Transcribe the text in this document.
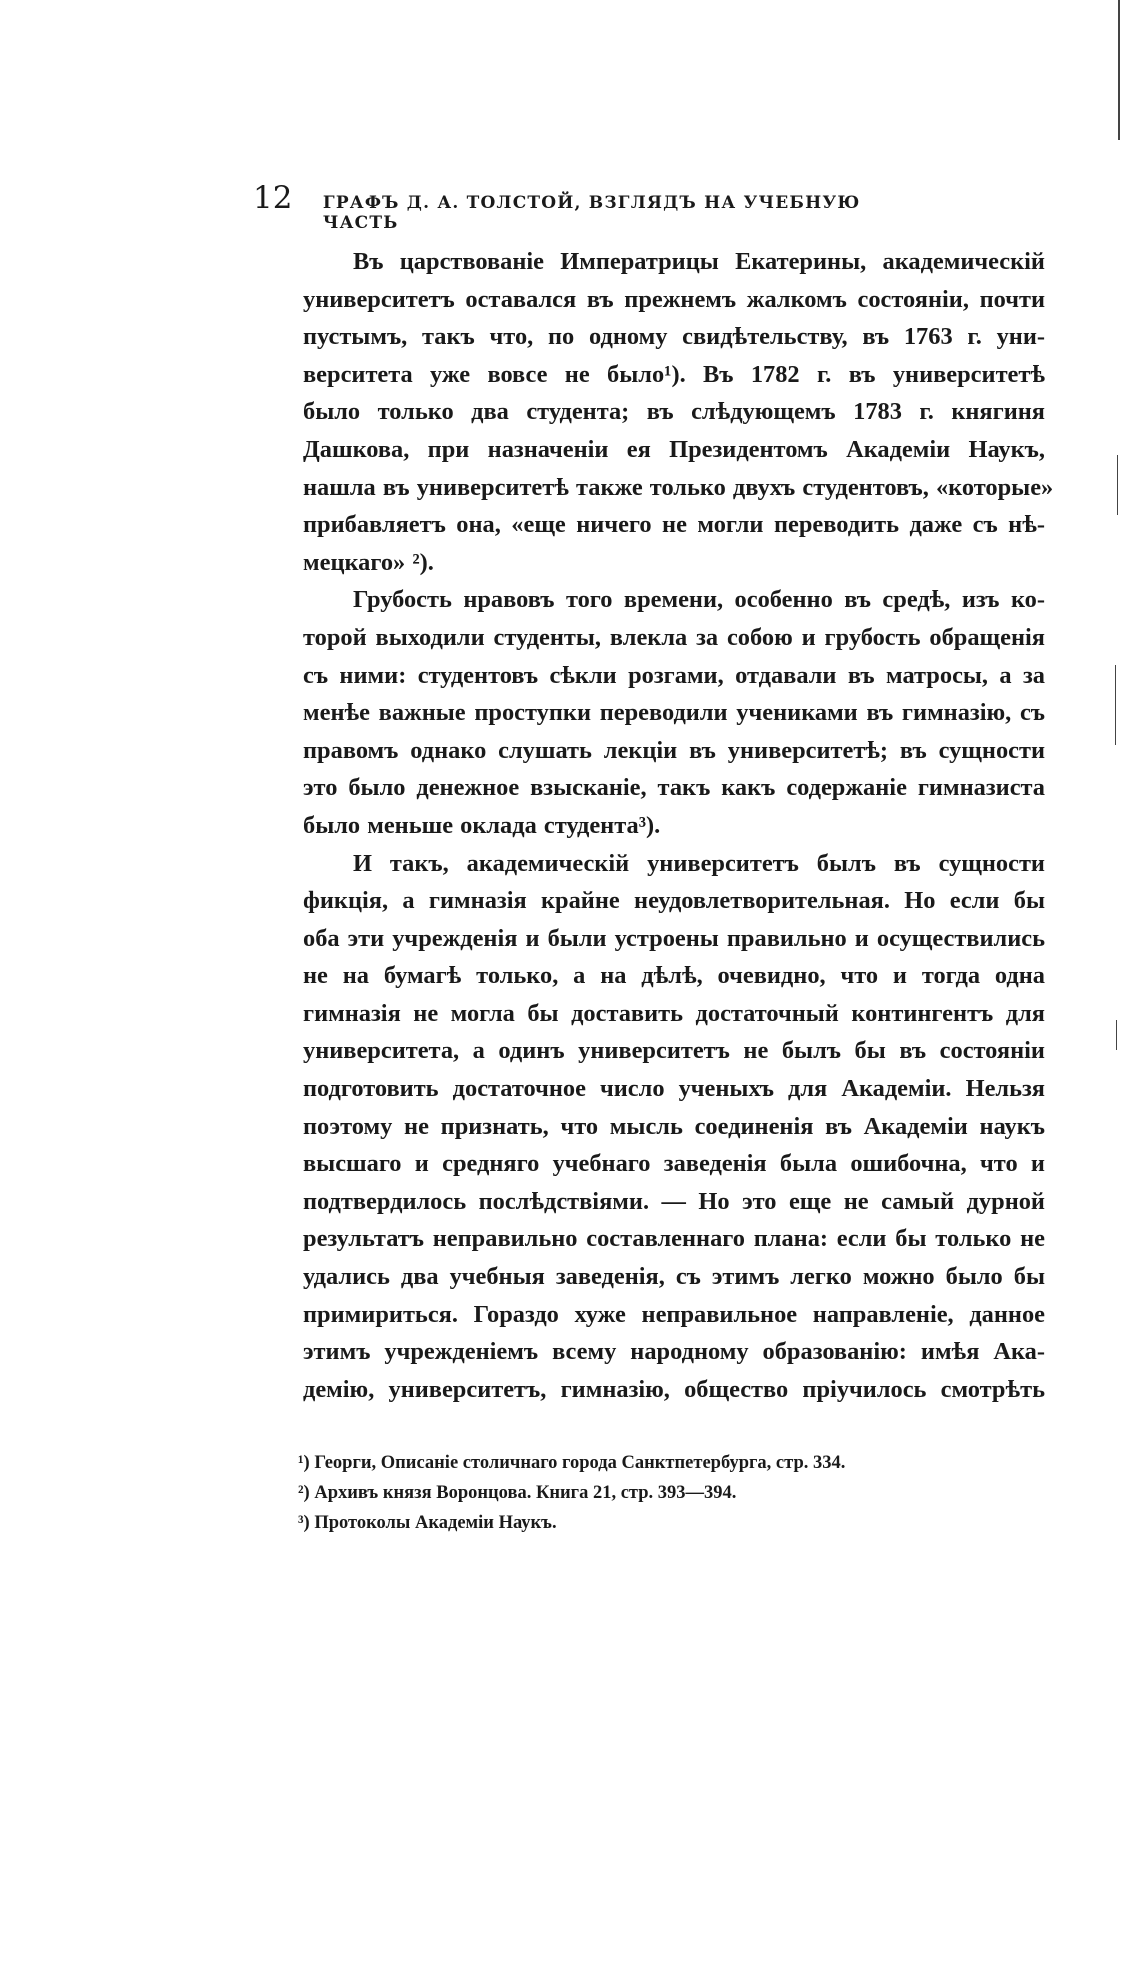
12	ГРАФЪ Д. А. ТОЛСТОЙ, ВЗГЛЯДЪ НА УЧЕБНУЮ ЧАСТЬ

Въ царствованіе Императрицы Екатерины, академическій
университетъ оставался въ прежнемъ жалкомъ состояніи, почти
пустымъ, такъ что, по одному свидѣтельству, въ 1763 г. уни-
верситета уже вовсе не было¹). Въ 1782 г. въ университетѣ
было только два студента; въ слѣдующемъ 1783 г. княгиня
Дашкова, при назначеніи ея Президентомъ Академіи Наукъ,
нашла въ университетѣ также только двухъ студентовъ, «которые»
прибавляетъ она, «еще ничего не могли переводить даже съ нѣ-
мецкаго» ²).

Грубость нравовъ того времени, особенно въ средѣ, изъ ко-
торой выходили студенты, влекла за собою и грубость обращенія
съ ними: студентовъ сѣкли розгами, отдавали въ матросы, а за
менѣе важные проступки переводили учениками въ гимназію, съ
правомъ однако слушать лекціи въ университетѣ; въ сущности
это было денежное взысканіе, такъ какъ содержаніе гимназиста
было меньше оклада студента³).

И такъ, академическій университетъ былъ въ сущности
фикція, а гимназія крайне неудовлетворительная. Но если бы
оба эти учрежденія и были устроены правильно и осуществились
не на бумагѣ только, а на дѣлѣ, очевидно, что и тогда одна
гимназія не могла бы доставить достаточный контингентъ для
университета, а одинъ университетъ не былъ бы въ состояніи
подготовить достаточное число ученыхъ для Академіи. Нельзя
поэтому не признать, что мысль соединенія въ Академіи наукъ
высшаго и средняго учебнаго заведенія была ошибочна, что и
подтвердилось послѣдствіями. — Но это еще не самый дурной
результатъ неправильно составленнаго плана: если бы только не
удались два учебныя заведенія, съ этимъ легко можно было бы
примириться. Гораздо хуже неправильное направленіе, данное
этимъ учрежденіемъ всему народному образованію: имѣя Ака-
демію, университетъ, гимназію, общество пріучилось смотрѣть

¹) Георги, Описаніе столичнаго города Санктпетербурга, стр. 334.
²) Архивъ князя Воронцова. Книга 21, стр. 393—394.
³) Протоколы Академіи Наукъ.
